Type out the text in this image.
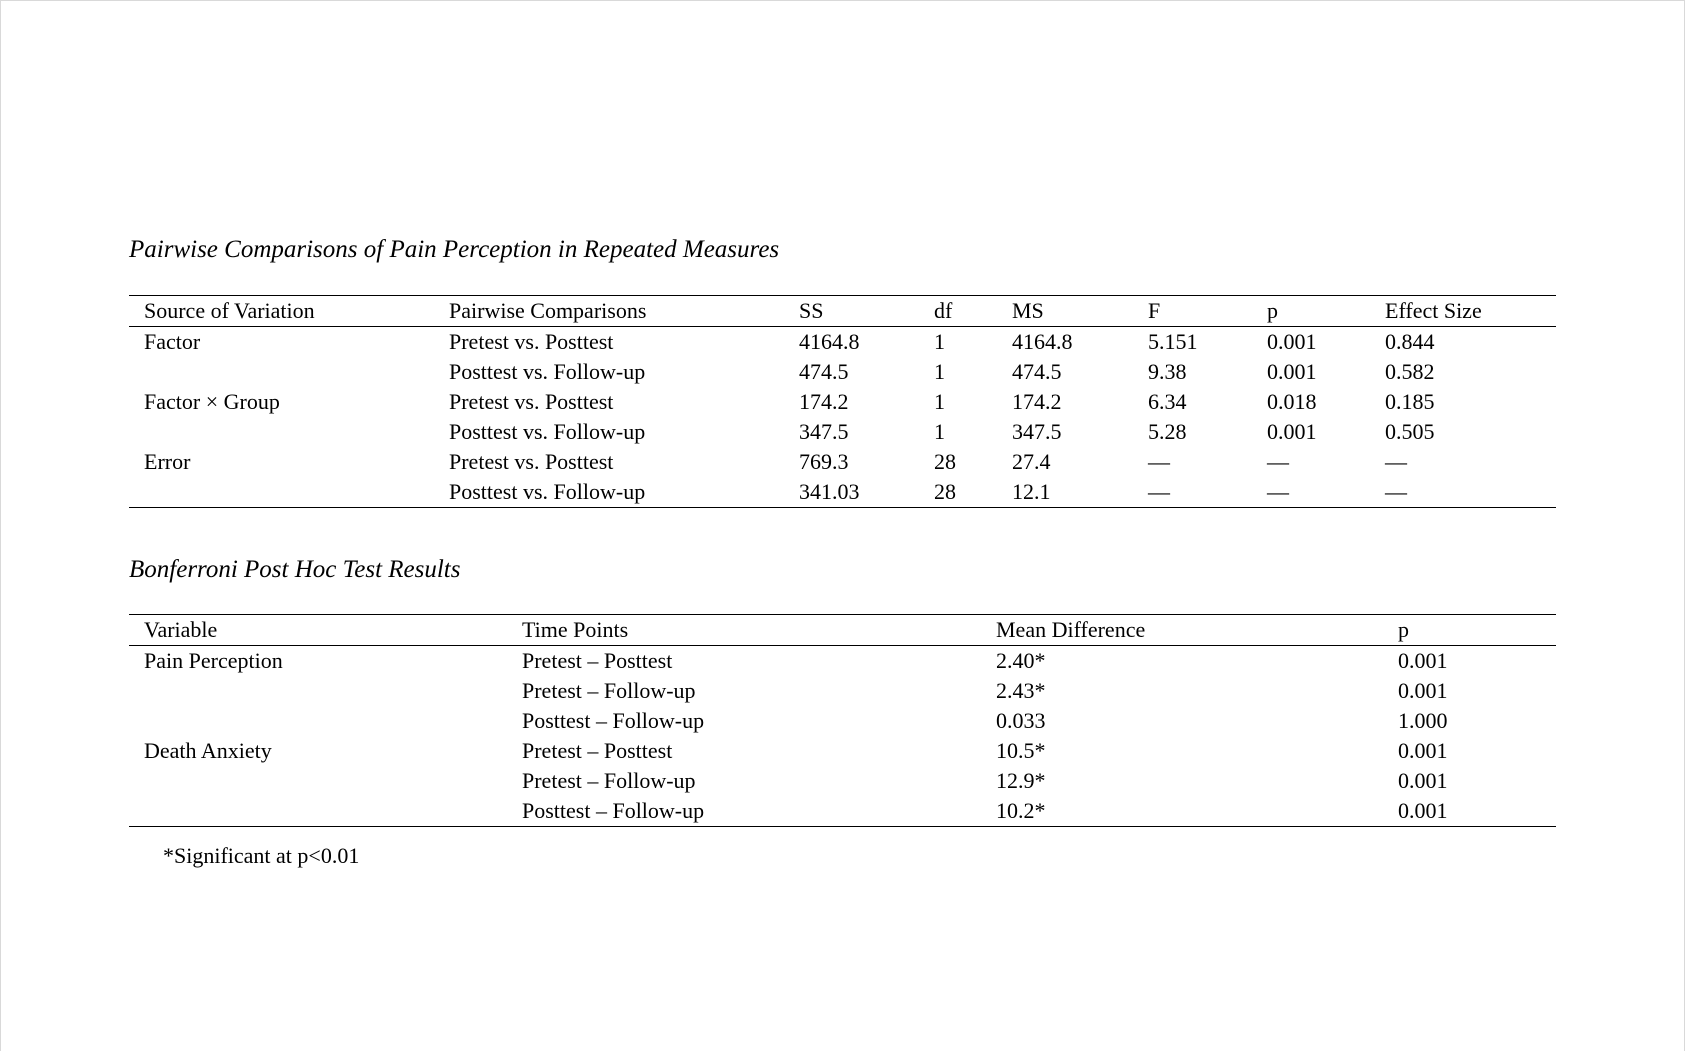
Pairwise Comparisons of Pain Perception in Repeated Measures
Source of Variation	Pairwise Comparisons	SS	df	MS	F	p	Effect Size
Factor	Pretest vs. Posttest	4164.8	1	4164.8	5.151	0.001	0.844
	Posttest vs. Follow-up	474.5	1	474.5	9.38	0.001	0.582
Factor × Group	Pretest vs. Posttest	174.2	1	174.2	6.34	0.018	0.185
	Posttest vs. Follow-up	347.5	1	347.5	5.28	0.001	0.505
Error	Pretest vs. Posttest	769.3	28	27.4	—	—	—
	Posttest vs. Follow-up	341.03	28	12.1	—	—	—
Bonferroni Post Hoc Test Results
Variable	Time Points	Mean Difference	p
Pain Perception	Pretest – Posttest	2.40*	0.001
	Pretest – Follow-up	2.43*	0.001
	Posttest – Follow-up	0.033	1.000
Death Anxiety	Pretest – Posttest	10.5*	0.001
	Pretest – Follow-up	12.9*	0.001
	Posttest – Follow-up	10.2*	0.001
*Significant at p<0.01
